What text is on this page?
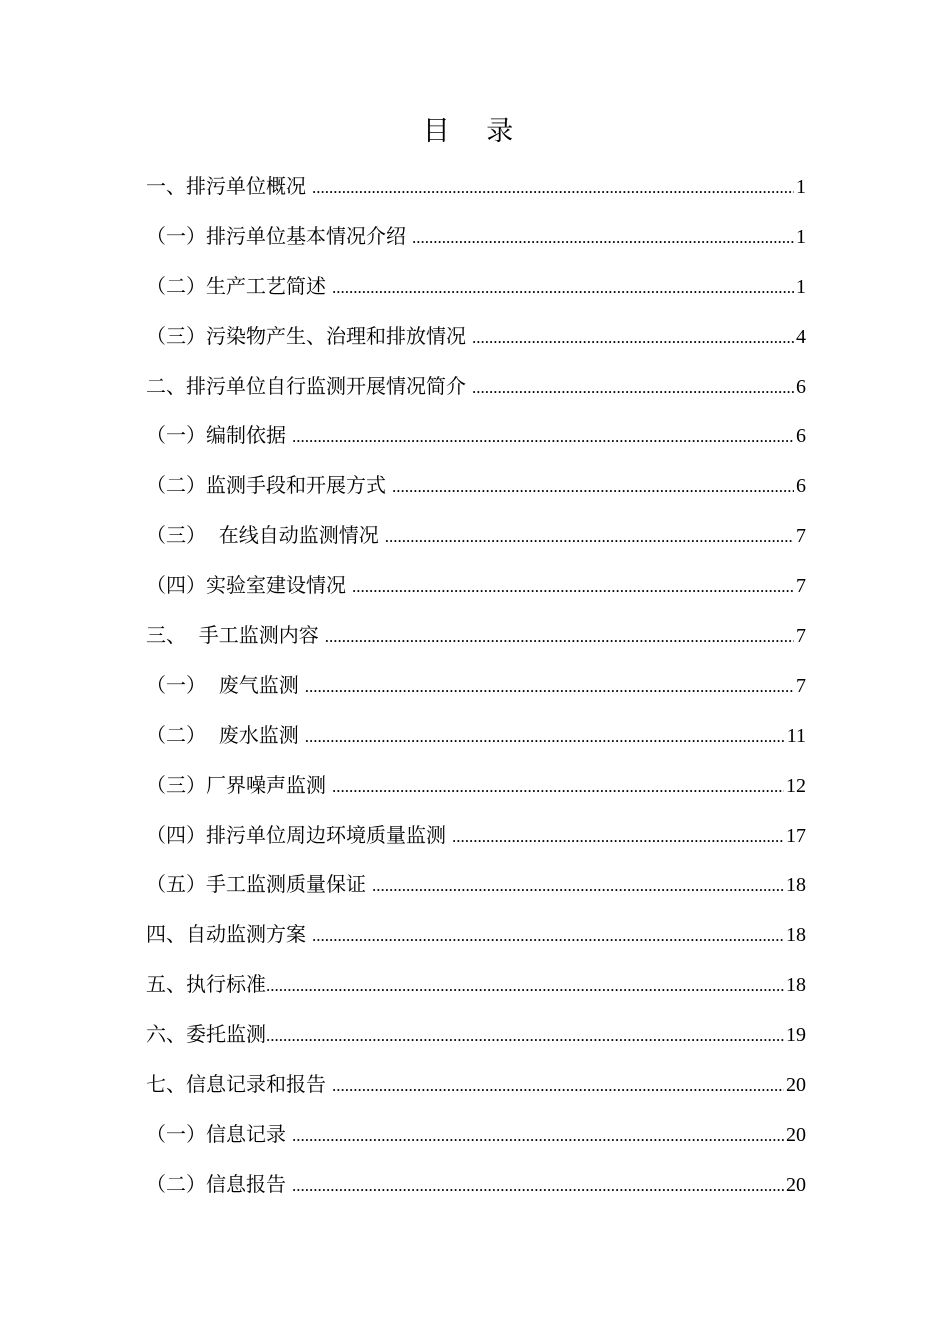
目 录
一、排污单位概况 .....	1
（一）排污单位基本情况介绍 .....	1
（二）生产工艺简述 .....	1
（三）污染物产生、治理和排放情况 .....	4
二、排污单位自行监测开展情况简介 .....	6
（一）编制依据 .....	6
（二）监测手段和开展方式 .....	6
（三）  在线自动监测情况 .....	7
（四）实验室建设情况 .....	7
三、  手工监测内容 .....	7
（一）  废气监测 .....	7
（二）  废水监测 .....	11
（三）厂界噪声监测 .....	12
（四）排污单位周边环境质量监测 .....	17
（五）手工监测质量保证 .....	18
四、自动监测方案 .....	18
五、执行标准 .....	18
六、委托监测 .....	19
七、信息记录和报告 .....	20
（一）信息记录 .....	20
（二）信息报告 .....	20
